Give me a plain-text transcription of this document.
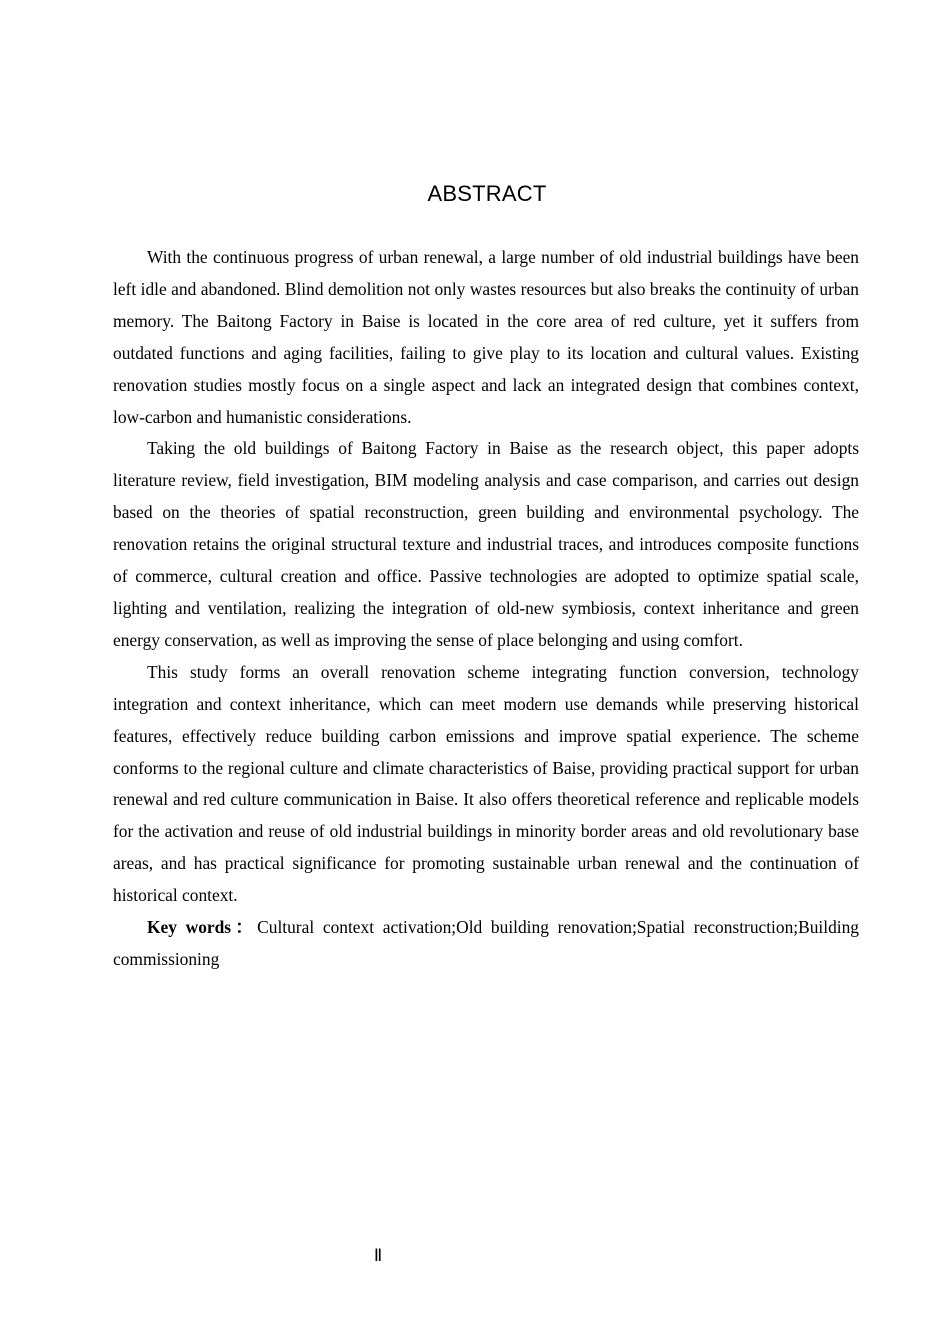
ABSTRACT

With the continuous progress of urban renewal, a large number of old industrial buildings have been left idle and abandoned. Blind demolition not only wastes resources but also breaks the continuity of urban memory. The Baitong Factory in Baise is located in the core area of red culture, yet it suffers from outdated functions and aging facilities, failing to give play to its location and cultural values. Existing renovation studies mostly focus on a single aspect and lack an integrated design that combines context, low-carbon and humanistic considerations.

Taking the old buildings of Baitong Factory in Baise as the research object, this paper adopts literature review, field investigation, BIM modeling analysis and case comparison, and carries out design based on the theories of spatial reconstruction, green building and environmental psychology. The renovation retains the original structural texture and industrial traces, and introduces composite functions of commerce, cultural creation and office. Passive technologies are adopted to optimize spatial scale, lighting and ventilation, realizing the integration of old-new symbiosis, context inheritance and green energy conservation, as well as improving the sense of place belonging and using comfort.

This study forms an overall renovation scheme integrating function conversion, technology integration and context inheritance, which can meet modern use demands while preserving historical features, effectively reduce building carbon emissions and improve spatial experience. The scheme conforms to the regional culture and climate characteristics of Baise, providing practical support for urban renewal and red culture communication in Baise. It also offers theoretical reference and replicable models for the activation and reuse of old industrial buildings in minority border areas and old revolutionary base areas, and has practical significance for promoting sustainable urban renewal and the continuation of historical context.

Key words：Cultural context activation;Old building renovation;Spatial reconstruction;Building commissioning

Ⅱ
